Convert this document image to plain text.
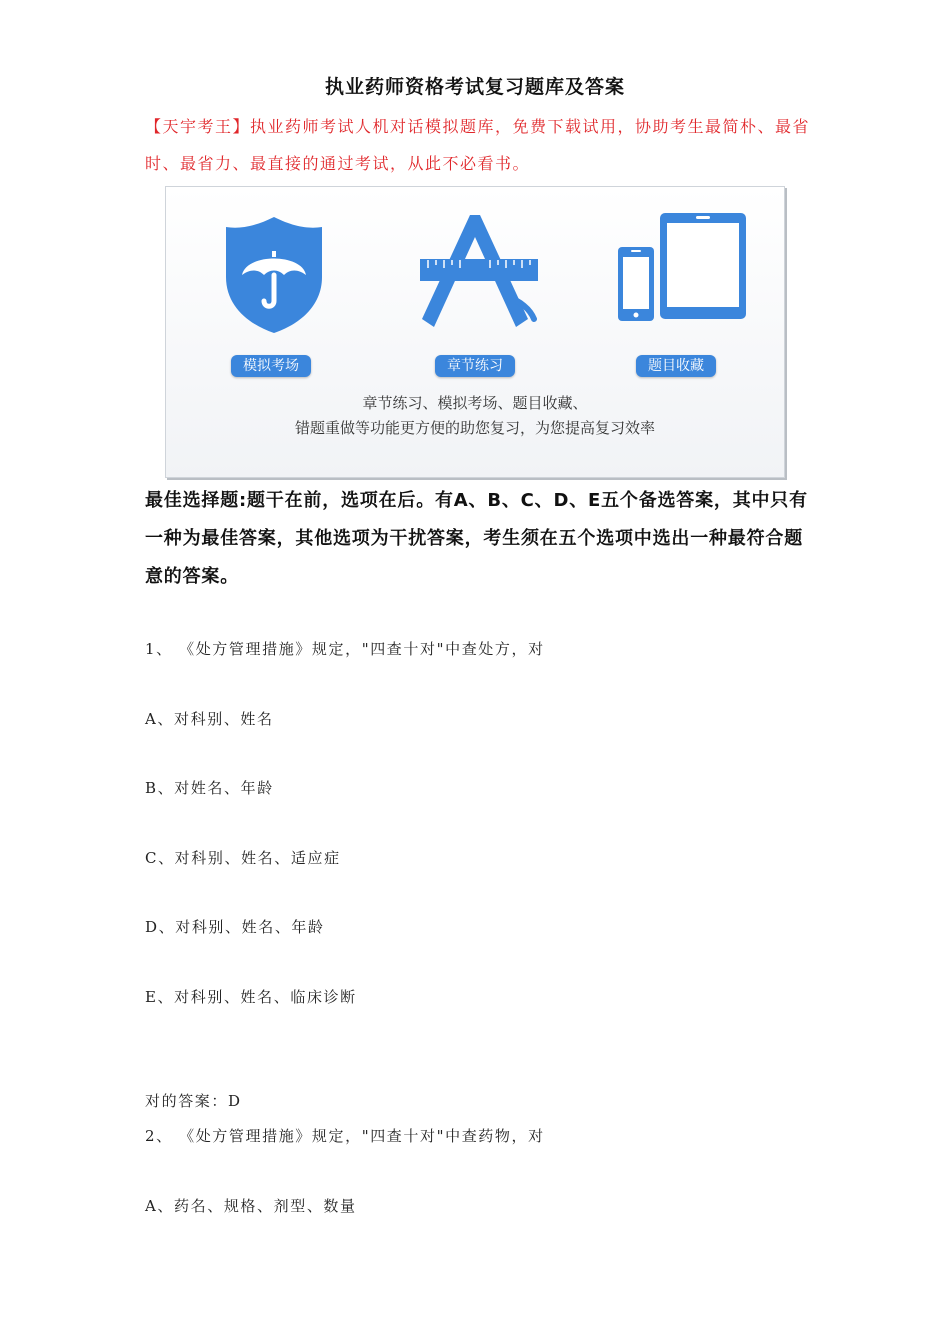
执业药师资格考试复习题库及答案
【天宇考王】执业药师考试人机对话模拟题库，免费下载试用，协助考生最简朴、最省时、最省力、最直接的通过考试，从此不必看书。
模拟考场	章节练习	题目收藏
章节练习、模拟考场、题目收藏、
错题重做等功能更方便的助您复习，为您提高复习效率
最佳选择题:题干在前，选项在后。有A、B、C、D、E五个备选答案，其中只有一种为最佳答案，其他选项为干扰答案，考生须在五个选项中选出一种最符合题意的答案。
1、 《处方管理措施》规定，"四查十对"中查处方，对
A、对科别、姓名
B、对姓名、年龄
C、对科别、姓名、适应症
D、对科别、姓名、年龄
E、对科别、姓名、临床诊断
对的答案：D
2、 《处方管理措施》规定，"四查十对"中查药物，对
A、药名、规格、剂型、数量
